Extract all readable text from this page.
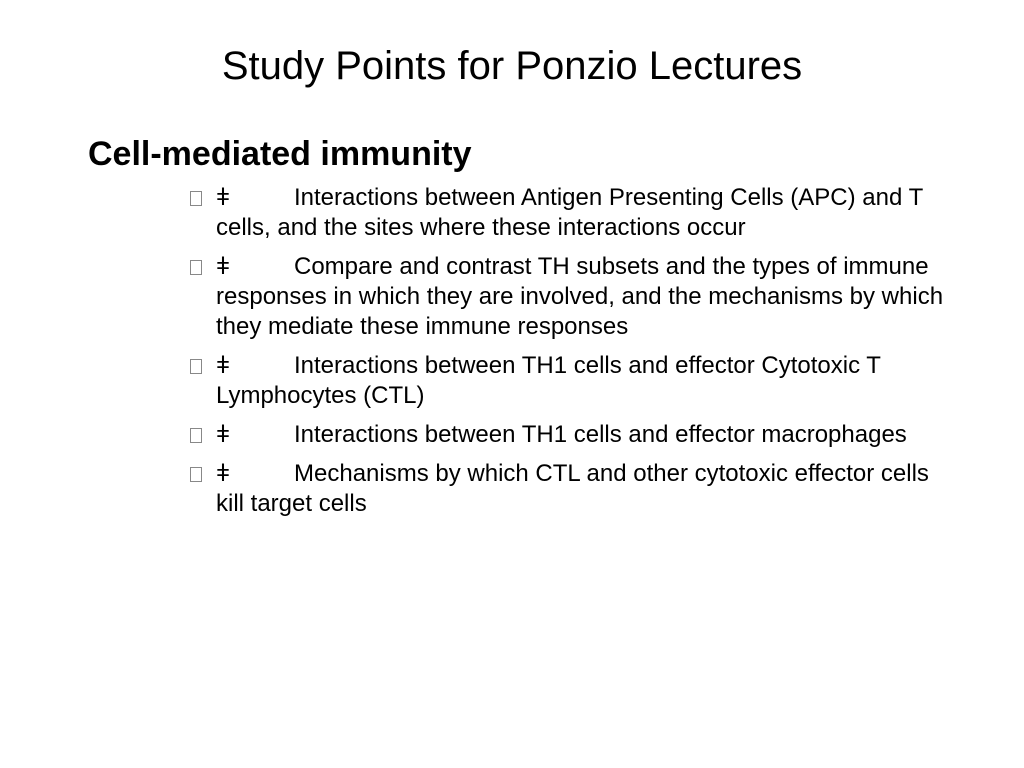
Study Points for Ponzio Lectures
Cell-mediated immunity
ǂ	Interactions between Antigen Presenting Cells (APC) and T cells, and the sites where these interactions occur
ǂ	Compare and contrast TH subsets and the types of immune responses in which they are involved, and the mechanisms by which they mediate these immune responses
ǂ	Interactions between TH1 cells and effector Cytotoxic T Lymphocytes (CTL)
ǂ	Interactions between TH1 cells and effector macrophages
ǂ	Mechanisms by which CTL and other cytotoxic effector cells kill target cells
